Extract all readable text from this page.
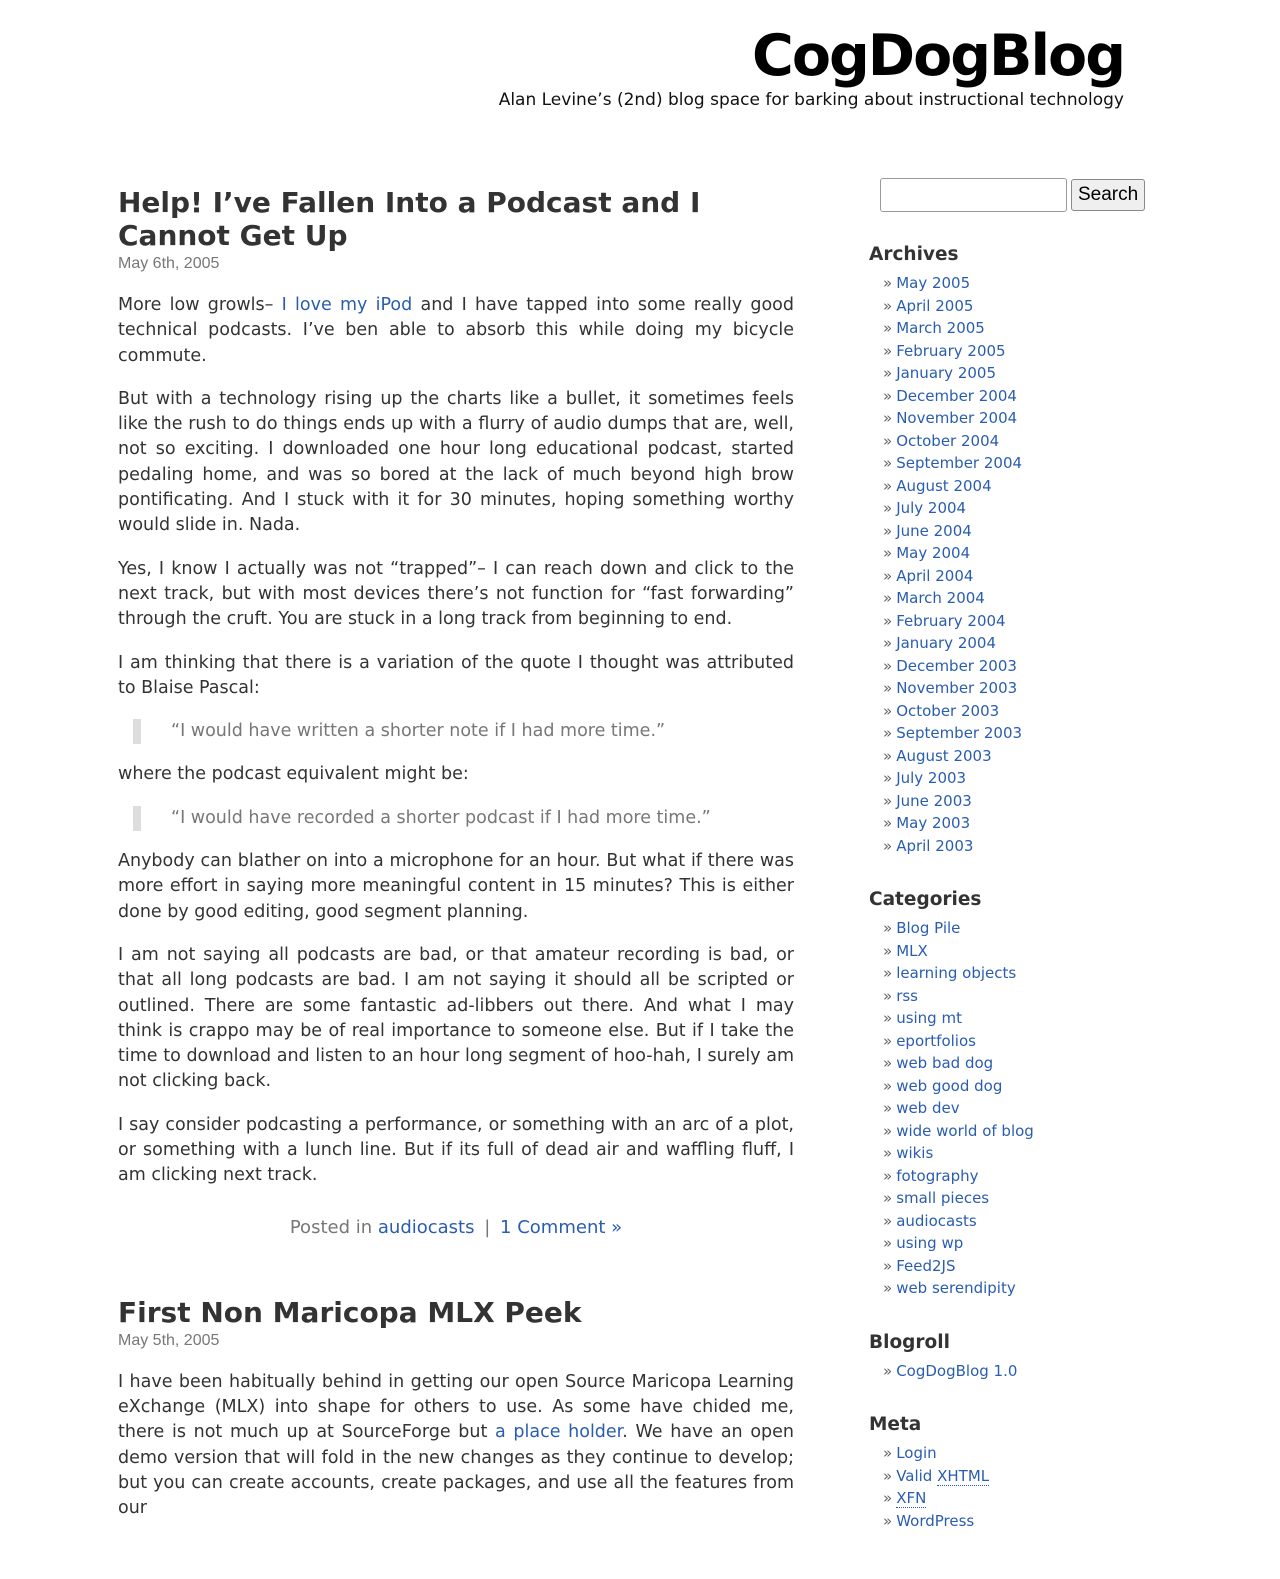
CogDogBlog
Alan Levine’s (2nd) blog space for barking about instructional technology
Help! I’ve Fallen Into a Podcast and I Cannot Get Up
May 6th, 2005

More low growls– I love my iPod and I have tapped into some really good technical podcasts. I’ve ben able to absorb this while doing my bicycle commute.

But with a technology rising up the charts like a bullet, it sometimes feels like the rush to do things ends up with a flurry of audio dumps that are, well, not so exciting. I downloaded one hour long educational podcast, started pedaling home, and was so bored at the lack of much beyond high brow pontificating. And I stuck with it for 30 minutes, hoping something worthy would slide in. Nada.

Yes, I know I actually was not “trapped”– I can reach down and click to the next track, but with most devices there’s not function for “fast forwarding” through the cruft. You are stuck in a long track from beginning to end.

I am thinking that there is a variation of the quote I thought was attributed to Blaise Pascal:

“I would have written a shorter note if I had more time.”

where the podcast equivalent might be:

“I would have recorded a shorter podcast if I had more time.”

Anybody can blather on into a microphone for an hour. But what if there was more effort in saying more meaningful content in 15 minutes? This is either done by good editing, good segment planning.

I am not saying all podcasts are bad, or that amateur recording is bad, or that all long podcasts are bad. I am not saying it should all be scripted or outlined. There are some fantastic ad-libbers out there. And what I may think is crappo may be of real importance to someone else. But if I take the time to download and listen to an hour long segment of hoo-hah, I surely am not clicking back.

I say consider podcasting a performance, or something with an arc of a plot, or something with a lunch line. But if its full of dead air and waffling fluff, I am clicking next track.

Posted in audiocasts | 1 Comment »
First Non Maricopa MLX Peek
May 5th, 2005

I have been habitually behind in getting our open Source Maricopa Learning eXchange (MLX) into shape for others to use. As some have chided me, there is not much up at SourceForge but a place holder. We have an open demo version that will fold in the new changes as they continue to develop; but you can create accounts, create packages, and use all the features from our

Search
Archives
» May 2005
» April 2005
» March 2005
» February 2005
» January 2005
» December 2004
» November 2004
» October 2004
» September 2004
» August 2004
» July 2004
» June 2004
» May 2004
» April 2004
» March 2004
» February 2004
» January 2004
» December 2003
» November 2003
» October 2003
» September 2003
» August 2003
» July 2003
» June 2003
» May 2003
» April 2003
Categories
» Blog Pile
» MLX
» learning objects
» rss
» using mt
» eportfolios
» web bad dog
» web good dog
» web dev
» wide world of blog
» wikis
» fotography
» small pieces
» audiocasts
» using wp
» Feed2JS
» web serendipity
Blogroll
» CogDogBlog 1.0
Meta
» Login
» Valid XHTML
» XFN
» WordPress
